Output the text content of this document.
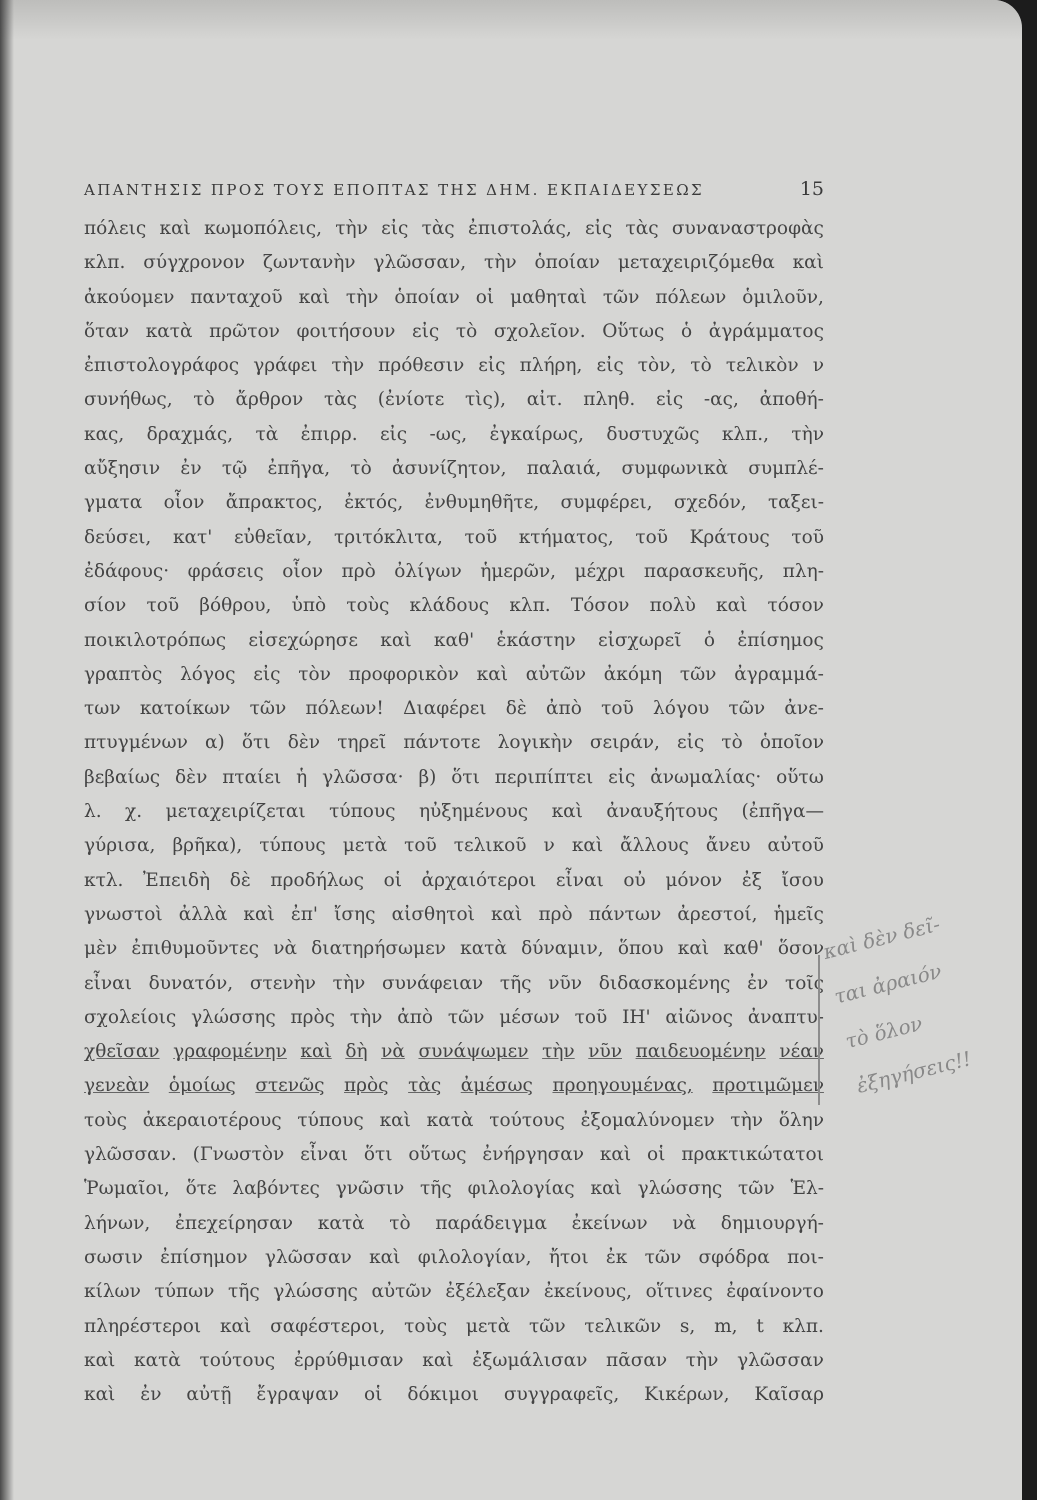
ΑΠΑΝΤΗΣΙΣ ΠΡΟΣ ΤΟΥΣ ΕΠΟΠΤΑΣ ΤΗΣ ΔΗΜ. ΕΚΠΑΙΔΕΥΣΕΩΣ	15
πόλεις καὶ κωμοπόλεις, τὴν εἰς τὰς ἐπιστολάς, εἰς τὰς συναναστροφὰς
κλπ. σύγχρονον ζωντανὴν γλῶσσαν, τὴν ὁποίαν μεταχειριζόμεθα καὶ
ἀκούομεν πανταχοῦ καὶ τὴν ὁποίαν οἱ μαθηταὶ τῶν πόλεων ὁμιλοῦν,
ὅταν κατὰ πρῶτον φοιτήσουν εἰς τὸ σχολεῖον. Οὕτως ὁ ἀγράμματος
ἐπιστολογράφος γράφει τὴν πρόθεσιν εἰς πλήρη, εἰς τὸν, τὸ τελικὸν ν
συνήθως, τὸ ἄρθρον τὰς (ἐνίοτε τὶς), αἰτ. πληθ. εἰς -ας, ἀποθή-
κας, δραχμάς, τὰ ἐπιρρ. εἰς -ως, ἐγκαίρως, δυστυχῶς κλπ., τὴν
αὔξησιν ἐν τῷ ἐπῆγα, τὸ ἀσυνίζητον, παλαιά, συμφωνικὰ συμπλέ-
γματα οἷον ἄπρακτος, ἐκτός, ἐνθυμηθῆτε, συμφέρει, σχεδόν, ταξει-
δεύσει, κατ' εὐθεῖαν, τριτόκλιτα, τοῦ κτήματος, τοῦ Κράτους τοῦ
ἐδάφους· φράσεις οἷον πρὸ ὀλίγων ἡμερῶν, μέχρι παρασκευῆς, πλη-
σίον τοῦ βόθρου, ὑπὸ τοὺς κλάδους κλπ. Τόσον πολὺ καὶ τόσον
ποικιλοτρόπως εἰσεχώρησε καὶ καθ' ἑκάστην εἰσχωρεῖ ὁ ἐπίσημος
γραπτὸς λόγος εἰς τὸν προφορικὸν καὶ αὐτῶν ἀκόμη τῶν ἀγραμμά-
των κατοίκων τῶν πόλεων! Διαφέρει δὲ ἀπὸ τοῦ λόγου τῶν ἀνε-
πτυγμένων α) ὅτι δὲν τηρεῖ πάντοτε λογικὴν σειράν, εἰς τὸ ὁποῖον
βεβαίως δὲν πταίει ἡ γλῶσσα· β) ὅτι περιπίπτει εἰς ἀνωμαλίας· οὕτω
λ. χ. μεταχειρίζεται τύπους ηὐξημένους καὶ ἀναυξήτους (ἐπῆγα—
γύρισα, βρῆκα), τύπους μετὰ τοῦ τελικοῦ ν καὶ ἄλλους ἄνευ αὐτοῦ
κτλ. Ἐπειδὴ δὲ προδήλως οἱ ἀρχαιότεροι εἶναι οὐ μόνον ἐξ ἴσου
γνωστοὶ ἀλλὰ καὶ ἐπ' ἴσης αἰσθητοὶ καὶ πρὸ πάντων ἀρεστοί, ἡμεῖς
μὲν ἐπιθυμοῦντες νὰ διατηρήσωμεν κατὰ δύναμιν, ὅπου καὶ καθ' ὅσον
εἶναι δυνατόν, στενὴν τὴν συνάφειαν τῆς νῦν διδασκομένης ἐν τοῖς
σχολείοις γλώσσης πρὸς τὴν ἀπὸ τῶν μέσων τοῦ ΙΗ' αἰῶνος ἀναπτυ-
χθεῖσαν γραφομένην καὶ δὴ νὰ συνάψωμεν τὴν νῦν παιδευομένην νέαν
γενεὰν ὁμοίως στενῶς πρὸς τὰς ἀμέσως προηγουμένας, προτιμῶμεν
τοὺς ἀκεραιοτέρους τύπους καὶ κατὰ τούτους ἐξομαλύνομεν τὴν ὅλην
γλῶσσαν. (Γνωστὸν εἶναι ὅτι οὕτως ἐνήργησαν καὶ οἱ πρακτικώτατοι
Ῥωμαῖοι, ὅτε λαβόντες γνῶσιν τῆς φιλολογίας καὶ γλώσσης τῶν Ἑλ-
λήνων, ἐπεχείρησαν κατὰ τὸ παράδειγμα ἐκείνων νὰ δημιουργή-
σωσιν ἐπίσημον γλῶσσαν καὶ φιλολογίαν, ἤτοι ἐκ τῶν σφόδρα ποι-
κίλων τύπων τῆς γλώσσης αὐτῶν ἐξέλεξαν ἐκείνους, οἵτινες ἐφαίνοντο
πληρέστεροι καὶ σαφέστεροι, τοὺς μετὰ τῶν τελικῶν s, m, t κλπ.
καὶ κατὰ τούτους ἐρρύθμισαν καὶ ἐξωμάλισαν πᾶσαν τὴν γλῶσσαν
καὶ ἐν αὐτῇ ἔγραψαν οἱ δόκιμοι συγγραφεῖς, Κικέρων, Καῖσαρ
καὶ δὲν δεῖ-
ται ἀραιόν
τὸ ὅλον
ἐξηγήσεις!!
